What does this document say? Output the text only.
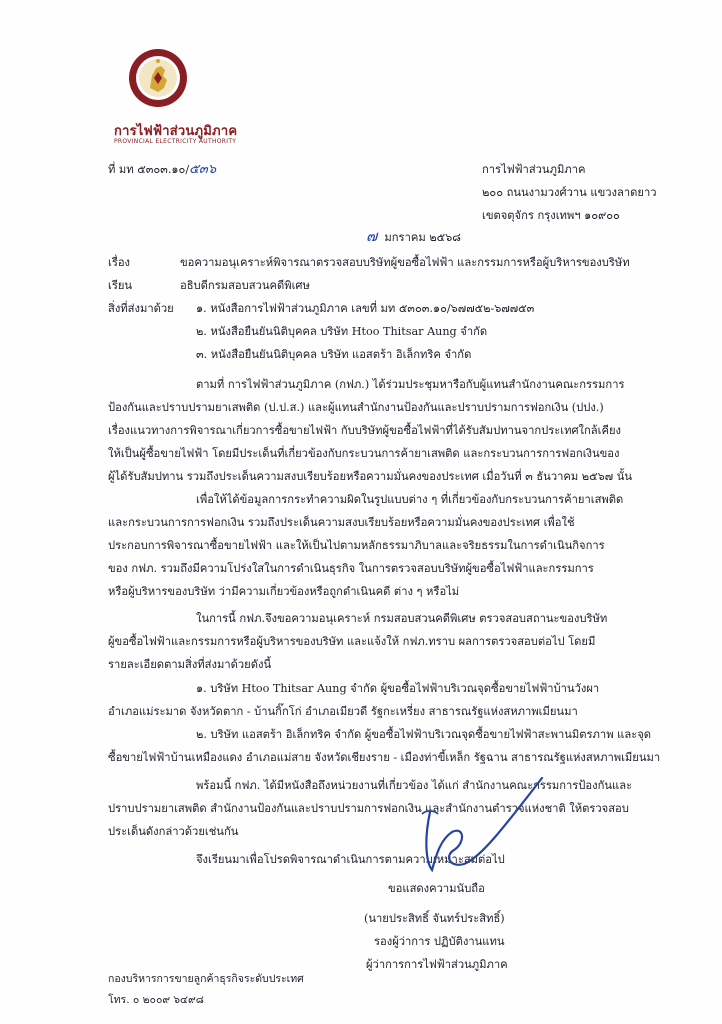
การไฟฟ้าส่วนภูมิภาค
PROVINCIAL ELECTRICITY AUTHORITY
ที่ มท ๕๓๐๓.๑๐/๕๓๖	การไฟฟ้าส่วนภูมิภาค
๒๐๐ ถนนงามวงศ์วาน แขวงลาดยาว
เขตจตุจักร กรุงเทพฯ ๑๐๙๐๐
๗ มกราคม ๒๕๖๘
เรื่อง	ขอความอนุเคราะห์พิจารณาตรวจสอบบริษัทผู้ขอซื้อไฟฟ้า และกรรมการหรือผู้บริหารของบริษัท
เรียน	อธิบดีกรมสอบสวนคดีพิเศษ
สิ่งที่ส่งมาด้วย ๑. หนังสือการไฟฟ้าส่วนภูมิภาค เลขที่ มท ๕๓๐๓.๑๐/๖๗๗๕๒-๖๗๗๕๓
๒. หนังสือยืนยันนิติบุคคล บริษัท Htoo Thitsar Aung จำกัด
๓. หนังสือยืนยันนิติบุคคล บริษัท แอสตร้า อิเล็กทริค จำกัด
ตามที่ การไฟฟ้าส่วนภูมิภาค (กฟภ.) ได้ร่วมประชุมหารือกับผู้แทนสำนักงานคณะกรรมการ
ป้องกันและปราบปรามยาเสพติด (ป.ป.ส.) และผู้แทนสำนักงานป้องกันและปราบปรามการฟอกเงิน (ปปง.)
เรื่องแนวทางการพิจารณาเกี่ยวการซื้อขายไฟฟ้า กับบริษัทผู้ขอซื้อไฟฟ้าที่ได้รับสัมปทานจากประเทศใกล้เคียง
ให้เป็นผู้ซื้อขายไฟฟ้า โดยมีประเด็นที่เกี่ยวข้องกับกระบวนการค้ายาเสพติด และกระบวนการการฟอกเงินของ
ผู้ได้รับสัมปทาน รวมถึงประเด็นความสงบเรียบร้อยหรือความมั่นคงของประเทศ เมื่อวันที่ ๓ ธันวาคม ๒๕๖๗ นั้น
เพื่อให้ได้ข้อมูลการกระทำความผิดในรูปแบบต่าง ๆ ที่เกี่ยวข้องกับกระบวนการค้ายาเสพติด
และกระบวนการการฟอกเงิน รวมถึงประเด็นความสงบเรียบร้อยหรือความมั่นคงของประเทศ เพื่อใช้
ประกอบการพิจารณาซื้อขายไฟฟ้า และให้เป็นไปตามหลักธรรมาภิบาลและจริยธรรมในการดำเนินกิจการ
ของ กฟภ. รวมถึงมีความโปร่งใสในการดำเนินธุรกิจ ในการตรวจสอบบริษัทผู้ขอซื้อไฟฟ้าและกรรมการ
หรือผู้บริหารของบริษัท ว่ามีความเกี่ยวข้องหรือถูกดำเนินคดี ต่าง ๆ หรือไม่
ในการนี้ กฟภ.จึงขอความอนุเคราะห์ กรมสอบสวนคดีพิเศษ ตรวจสอบสถานะของบริษัท
ผู้ขอซื้อไฟฟ้าและกรรมการหรือผู้บริหารของบริษัท และแจ้งให้ กฟภ.ทราบ ผลการตรวจสอบต่อไป โดยมี
รายละเอียดตามสิ่งที่ส่งมาด้วยดังนี้
๑. บริษัท Htoo Thitsar Aung จำกัด ผู้ขอซื้อไฟฟ้าบริเวณจุดซื้อขายไฟฟ้าบ้านวังผา
อำเภอแม่ระมาด จังหวัดตาก - บ้านกิ๊กโก่ อำเภอเมียวดี รัฐกะเหรี่ยง สาธารณรัฐแห่งสหภาพเมียนมา
๒. บริษัท แอสตร้า อิเล็กทริค จำกัด ผู้ขอซื้อไฟฟ้าบริเวณจุดซื้อขายไฟฟ้าสะพานมิตรภาพ และจุด
ซื้อขายไฟฟ้าบ้านเหมืองแดง อำเภอแม่สาย จังหวัดเชียงราย - เมืองท่าขี้เหล็ก รัฐฉาน สาธารณรัฐแห่งสหภาพเมียนมา
พร้อมนี้ กฟภ. ได้มีหนังสือถึงหน่วยงานที่เกี่ยวข้อง ได้แก่ สำนักงานคณะกรรมการป้องกันและ
ปราบปรามยาเสพติด สำนักงานป้องกันและปราบปรามการฟอกเงิน และสำนักงานตำรวจแห่งชาติ ให้ตรวจสอบ
ประเด็นดังกล่าวด้วยเช่นกัน
จึงเรียนมาเพื่อโปรดพิจารณาดำเนินการตามความเหมาะสมต่อไป
ขอแสดงความนับถือ
(นายประสิทธิ์ จันทร์ประสิทธิ์)
รองผู้ว่าการ ปฏิบัติงานแทน
ผู้ว่าการการไฟฟ้าส่วนภูมิภาค
กองบริหารการขายลูกค้าธุรกิจระดับประเทศ
โทร. ๐ ๒๐๐๙ ๖๔๙๘
